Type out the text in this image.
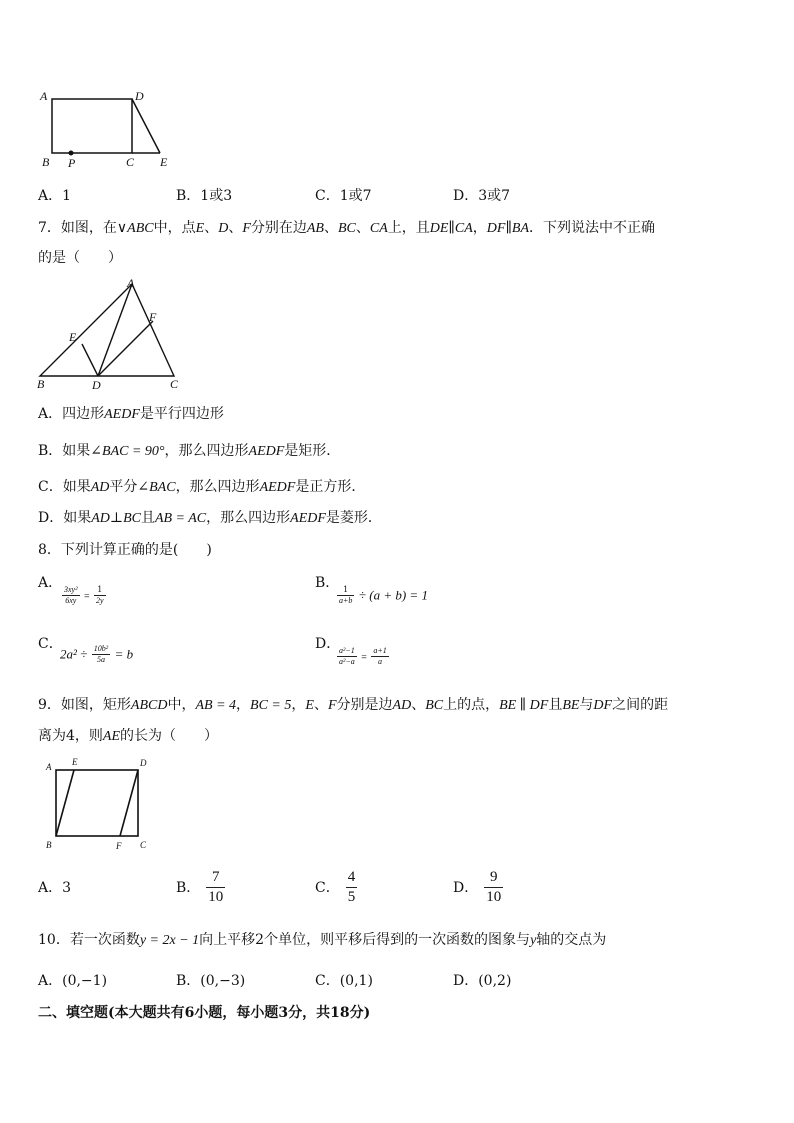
A	D
B P	C E
A．1	B．1或3	C．1或7	D．3或7
7．如图，在∨ABC中，点E、D、F分别在边AB、BC、CA上，且DE∥CA，DF∥BA．下列说法中不正确
的是（　　）
A
F
E
B	D	C
A．四边形AEDF是平行四边形
B．如果∠BAC = 90°，那么四边形AEDF是矩形．
C．如果AD平分∠BAC，那么四边形AEDF是正方形．
D．如果AD⊥BC且AB = AC，那么四边形AEDF是菱形．
8．下列计算正确的是(　　)
A．
$\frac{\text{3xy²}}{6xy} = \frac{1}{2y}$
B．
$\frac{1}{a+b} \div (a + b) = 1$
C．
$2a^2 \div \frac{\text{10b²}}{5a} = b$
D．
$\frac{\text{a²−1}}{\text{a²−a}} = \frac{a+1}{a}$
9．如图，矩形ABCD中，AB = 4，BC = 5，E、F分别是边AD、BC上的点，BE ∥ DF且BE与DF之间的距
离为4，则AE的长为（　　）
A E	D
B	F C
A．3	B． $\frac{7}{10}$	C． $\frac{4}{5}$	D． $\frac{9}{10}$
10．若一次函数y = 2x − 1向上平移2个单位，则平移后得到的一次函数的图象与y轴的交点为
A．(0,−1)	B．(0,−3)	C．(0,1)	D．(0,2)
二、填空题(本大题共有6小题，每小题3分，共18分)
